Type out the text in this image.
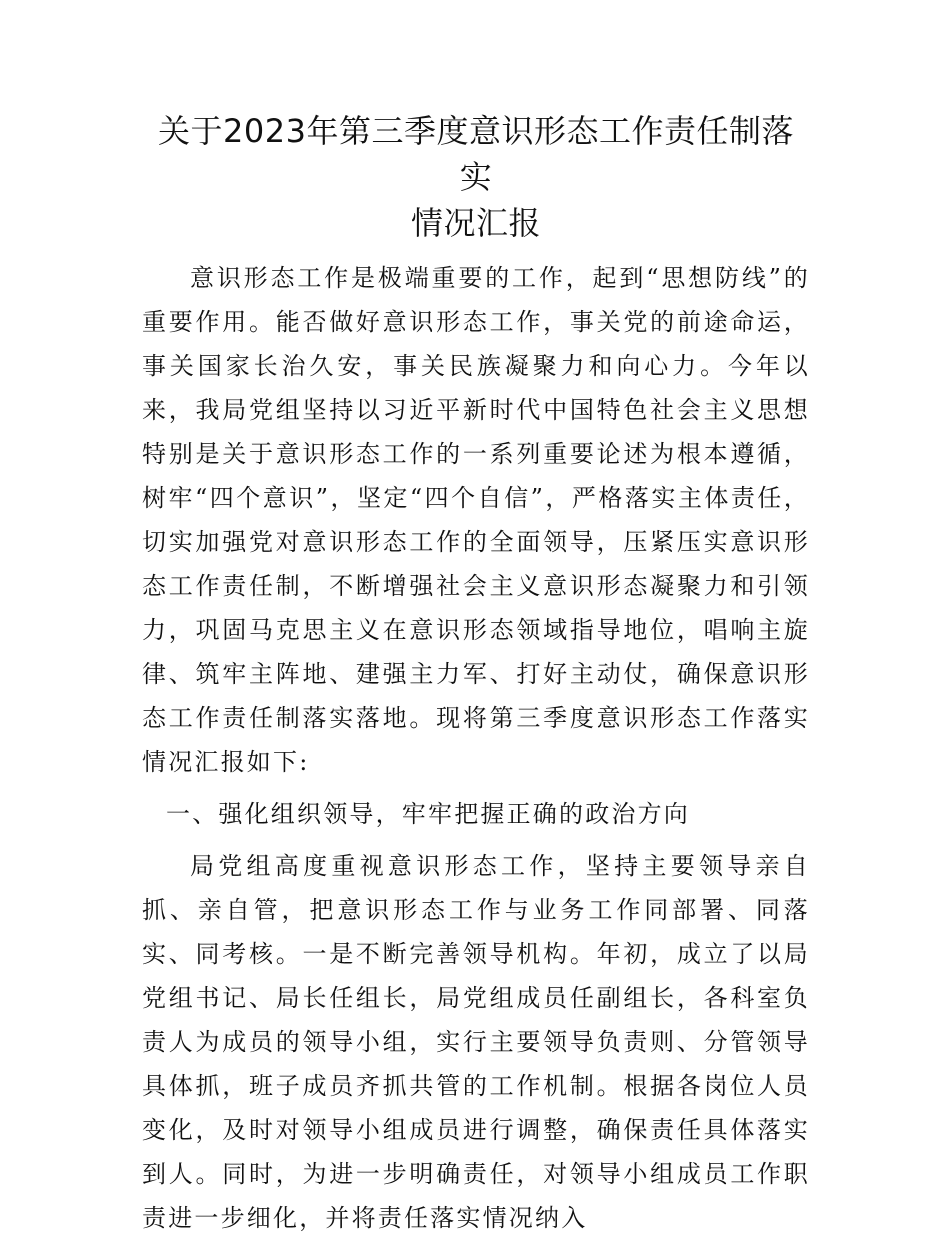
关于2023年第三季度意识形态工作责任制落实
情况汇报

意识形态工作是极端重要的工作，起到“思想防线”的重要作用。能否做好意识形态工作，事关党的前途命运，事关国家长治久安，事关民族凝聚力和向心力。今年以来，我局党组坚持以习近平新时代中国特色社会主义思想特别是关于意识形态工作的一系列重要论述为根本遵循，树牢“四个意识”，坚定“四个自信”，严格落实主体责任，切实加强党对意识形态工作的全面领导，压紧压实意识形态工作责任制，不断增强社会主义意识形态凝聚力和引领力，巩固马克思主义在意识形态领域指导地位，唱响主旋律、筑牢主阵地、建强主力军、打好主动仗，确保意识形态工作责任制落实落地。现将第三季度意识形态工作落实情况汇报如下:

一、强化组织领导，牢牢把握正确的政治方向

局党组高度重视意识形态工作，坚持主要领导亲自抓、亲自管，把意识形态工作与业务工作同部署、同落实、同考核。一是不断完善领导机构。年初，成立了以局党组书记、局长任组长，局党组成员任副组长，各科室负责人为成员的领导小组，实行主要领导负责则、分管领导具体抓，班子成员齐抓共管的工作机制。根据各岗位人员变化，及时对领导小组成员进行调整，确保责任具体落实到人。同时，为进一步明确责任，对领导小组成员工作职责进一步细化，并将责任落实情况纳入
